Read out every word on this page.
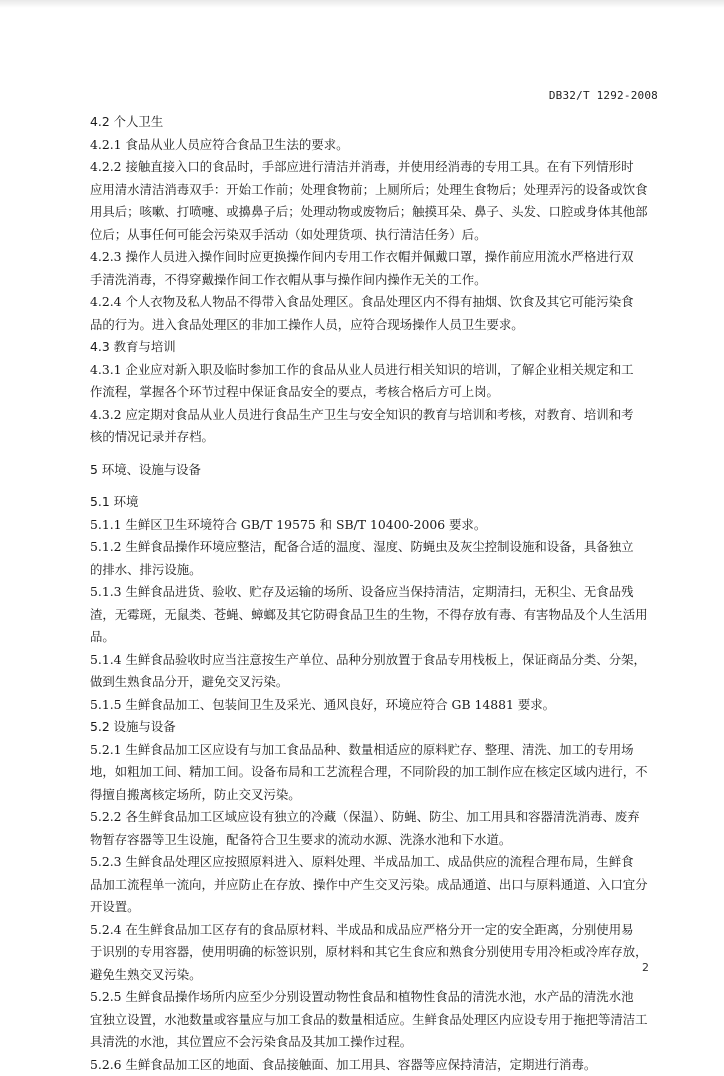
DB32/T 1292-2008
4.2 个人卫生
4.2.1 食品从业人员应符合食品卫生法的要求。
4.2.2 接触直接入口的食品时，手部应进行清洁并消毒，并使用经消毒的专用工具。在有下列情形时
应用清水清洁消毒双手：开始工作前；处理食物前；上厕所后；处理生食物后；处理弄污的设备或饮食
用具后；咳嗽、打喷嚏、或擤鼻子后；处理动物或废物后；触摸耳朵、鼻子、头发、口腔或身体其他部
位后；从事任何可能会污染双手活动（如处理货项、执行清洁任务）后。
4.2.3 操作人员进入操作间时应更换操作间内专用工作衣帽并佩戴口罩，操作前应用流水严格进行双
手清洗消毒，不得穿戴操作间工作衣帽从事与操作间内操作无关的工作。
4.2.4 个人衣物及私人物品不得带入食品处理区。食品处理区内不得有抽烟、饮食及其它可能污染食
品的行为。进入食品处理区的非加工操作人员，应符合现场操作人员卫生要求。
4.3 教育与培训
4.3.1 企业应对新入职及临时参加工作的食品从业人员进行相关知识的培训，了解企业相关规定和工
作流程，掌握各个环节过程中保证食品安全的要点，考核合格后方可上岗。
4.3.2 应定期对食品从业人员进行食品生产卫生与安全知识的教育与培训和考核，对教育、培训和考
核的情况记录并存档。
5 环境、设施与设备
5.1 环境
5.1.1 生鲜区卫生环境符合 GB/T 19575 和 SB/T 10400-2006 要求。
5.1.2 生鲜食品操作环境应整洁，配备合适的温度、湿度、防蝇虫及灰尘控制设施和设备，具备独立
的排水、排污设施。
5.1.3 生鲜食品进货、验收、贮存及运输的场所、设备应当保持清洁，定期清扫，无积尘、无食品残
渣，无霉斑，无鼠类、苍蝇、蟑螂及其它防碍食品卫生的生物，不得存放有毒、有害物品及个人生活用
品。
5.1.4 生鲜食品验收时应当注意按生产单位、品种分别放置于食品专用栈板上，保证商品分类、分架，
做到生熟食品分开，避免交叉污染。
5.1.5 生鲜食品加工、包装间卫生及采光、通风良好，环境应符合 GB 14881 要求。
5.2 设施与设备
5.2.1 生鲜食品加工区应设有与加工食品品种、数量相适应的原料贮存、整理、清洗、加工的专用场
地，如粗加工间、精加工间。设备布局和工艺流程合理，不同阶段的加工制作应在核定区域内进行，不
得擅自搬离核定场所，防止交叉污染。
5.2.2 各生鲜食品加工区域应设有独立的冷藏（保温）、防蝇、防尘、加工用具和容器清洗消毒、废弃
物暂存容器等卫生设施，配备符合卫生要求的流动水源、洗涤水池和下水道。
5.2.3 生鲜食品处理区应按照原料进入、原料处理、半成品加工、成品供应的流程合理布局，生鲜食
品加工流程单一流向，并应防止在存放、操作中产生交叉污染。成品通道、出口与原料通道、入口宜分
开设置。
5.2.4 在生鲜食品加工区存有的食品原材料、半成品和成品应严格分开一定的安全距离，分别使用易
于识别的专用容器，使用明确的标签识别，原材料和其它生食应和熟食分别使用专用冷柜或冷库存放，
避免生熟交叉污染。
5.2.5 生鲜食品操作场所内应至少分别设置动物性食品和植物性食品的清洗水池，水产品的清洗水池
宜独立设置，水池数量或容量应与加工食品的数量相适应。生鲜食品处理区内应设专用于拖把等清洁工
具清洗的水池，其位置应不会污染食品及其加工操作过程。
5.2.6 生鲜食品加工区的地面、食品接触面、加工用具、容器等应保持清洁，定期进行消毒。
2
